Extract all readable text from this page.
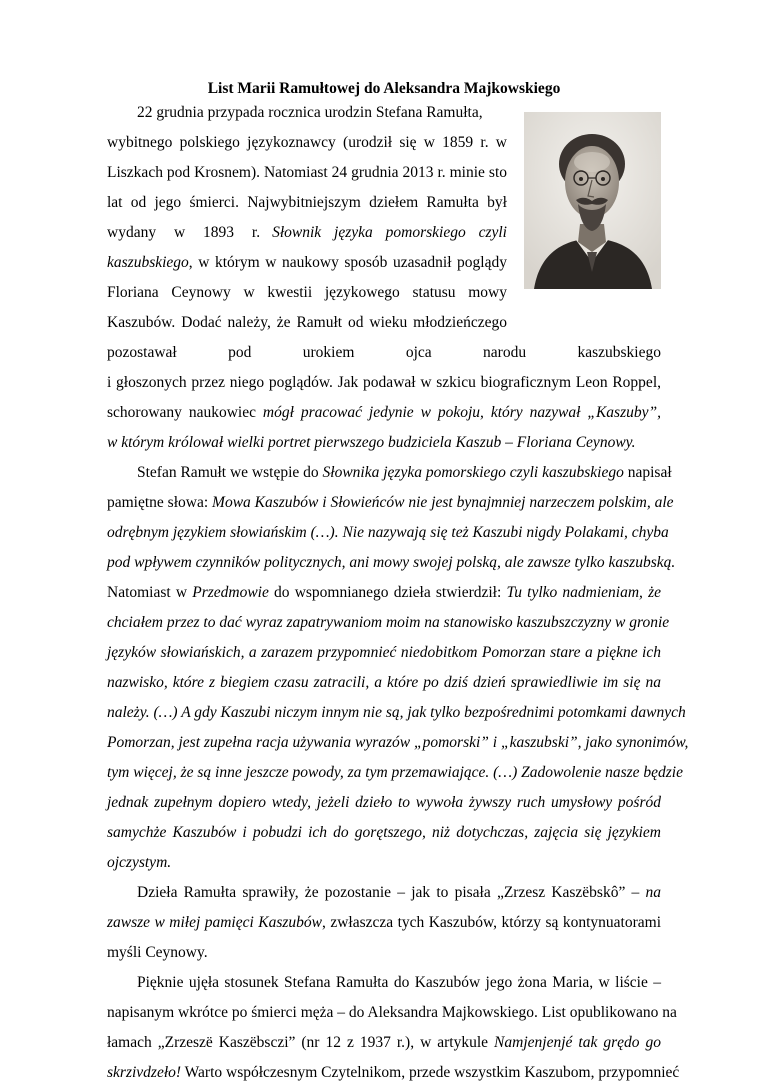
List Marii Ramułtowej do Aleksandra Majkowskiego
22 grudnia przypada rocznica urodzin Stefana Ramułta,
wybitnego polskiego językoznawcy (urodził się w 1859 r. w
Liszkach pod Krosnem). Natomiast 24 grudnia 2013 r. minie sto
lat od jego śmierci. Najwybitniejszym dziełem Ramułta był
wydany w 1893 r. Słownik języka pomorskiego czyli
kaszubskiego, w którym w naukowy sposób uzasadnił poglądy
Floriana Ceynowy w kwestii językowego statusu mowy
Kaszubów. Dodać należy, że Ramułt od wieku młodzieńczego
pozostawał	pod	urokiem	ojca	narodu	kaszubskiego
i głoszonych przez niego poglądów. Jak podawał w szkicu biograficznym Leon Roppel,
schorowany naukowiec mógł pracować jedynie w pokoju, który nazywał „Kaszuby”,
w którym królował wielki portret pierwszego budziciela Kaszub – Floriana Ceynowy.
Stefan Ramułt we wstępie do Słownika języka pomorskiego czyli kaszubskiego napisał
pamiętne słowa: Mowa Kaszubów i Słowieńców nie jest bynajmniej narzeczem polskim, ale
odrębnym językiem słowiańskim (…). Nie nazywają się też Kaszubi nigdy Polakami, chyba
pod wpływem czynników politycznych, ani mowy swojej polską, ale zawsze tylko kaszubską.
Natomiast w Przedmowie do wspomnianego dzieła stwierdził: Tu tylko nadmieniam, że
chciałem przez to dać wyraz zapatrywaniom moim na stanowisko kaszubszczyzny w gronie
języków słowiańskich, a zarazem przypomnieć niedobitkom Pomorzan stare a piękne ich
nazwisko, które z biegiem czasu zatracili, a które po dziś dzień sprawiedliwie im się na
należy. (…) A gdy Kaszubi niczym innym nie są, jak tylko bezpośrednimi potomkami dawnych
Pomorzan, jest zupełna racja używania wyrazów „pomorski” i „kaszubski”, jako synonimów,
tym więcej, że są inne jeszcze powody, za tym przemawiające. (…) Zadowolenie nasze będzie
jednak zupełnym dopiero wtedy, jeżeli dzieło to wywoła żywszy ruch umysłowy pośród
samychże Kaszubów i pobudzi ich do gorętszego, niż dotychczas, zajęcia się językiem
ojczystym.
Dzieła Ramułta sprawiły, że pozostanie – jak to pisała „Zrzesz Kaszëbskô” – na
zawsze w miłej pamięci Kaszubów, zwłaszcza tych Kaszubów, którzy są kontynuatorami
myśli Ceynowy.
Pięknie ujęła stosunek Stefana Ramułta do Kaszubów jego żona Maria, w liście –
napisanym wkrótce po śmierci męża – do Aleksandra Majkowskiego. List opublikowano na
łamach „Zrzeszë Kaszëbsczi” (nr 12 z 1937 r.), w artykule Namjenjenjé tak grędo go
skrzivdzeło! Warto współczesnym Czytelnikom, przede wszystkim Kaszubom, przypomnieć
